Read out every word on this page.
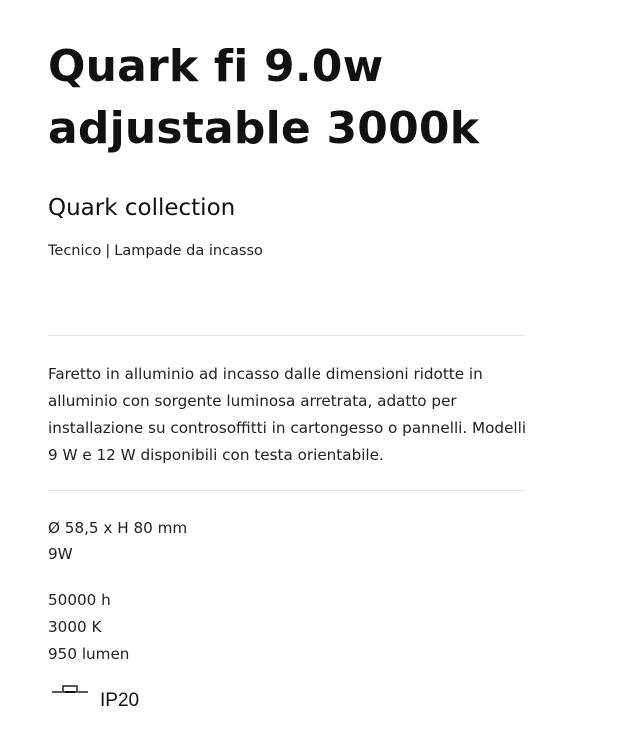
Quark fi 9.0w
adjustable 3000k
Quark collection
Tecnico | Lampade da incasso

Faretto in alluminio ad incasso dalle dimensioni ridotte in alluminio con sorgente luminosa arretrata, adatto per installazione su controsoffitti in cartongesso o pannelli. Modelli 9 W e 12 W disponibili con testa orientabile.

Ø 58,5 x H 80 mm
9W
50000 h
3000 K
950 lumen
IP20
